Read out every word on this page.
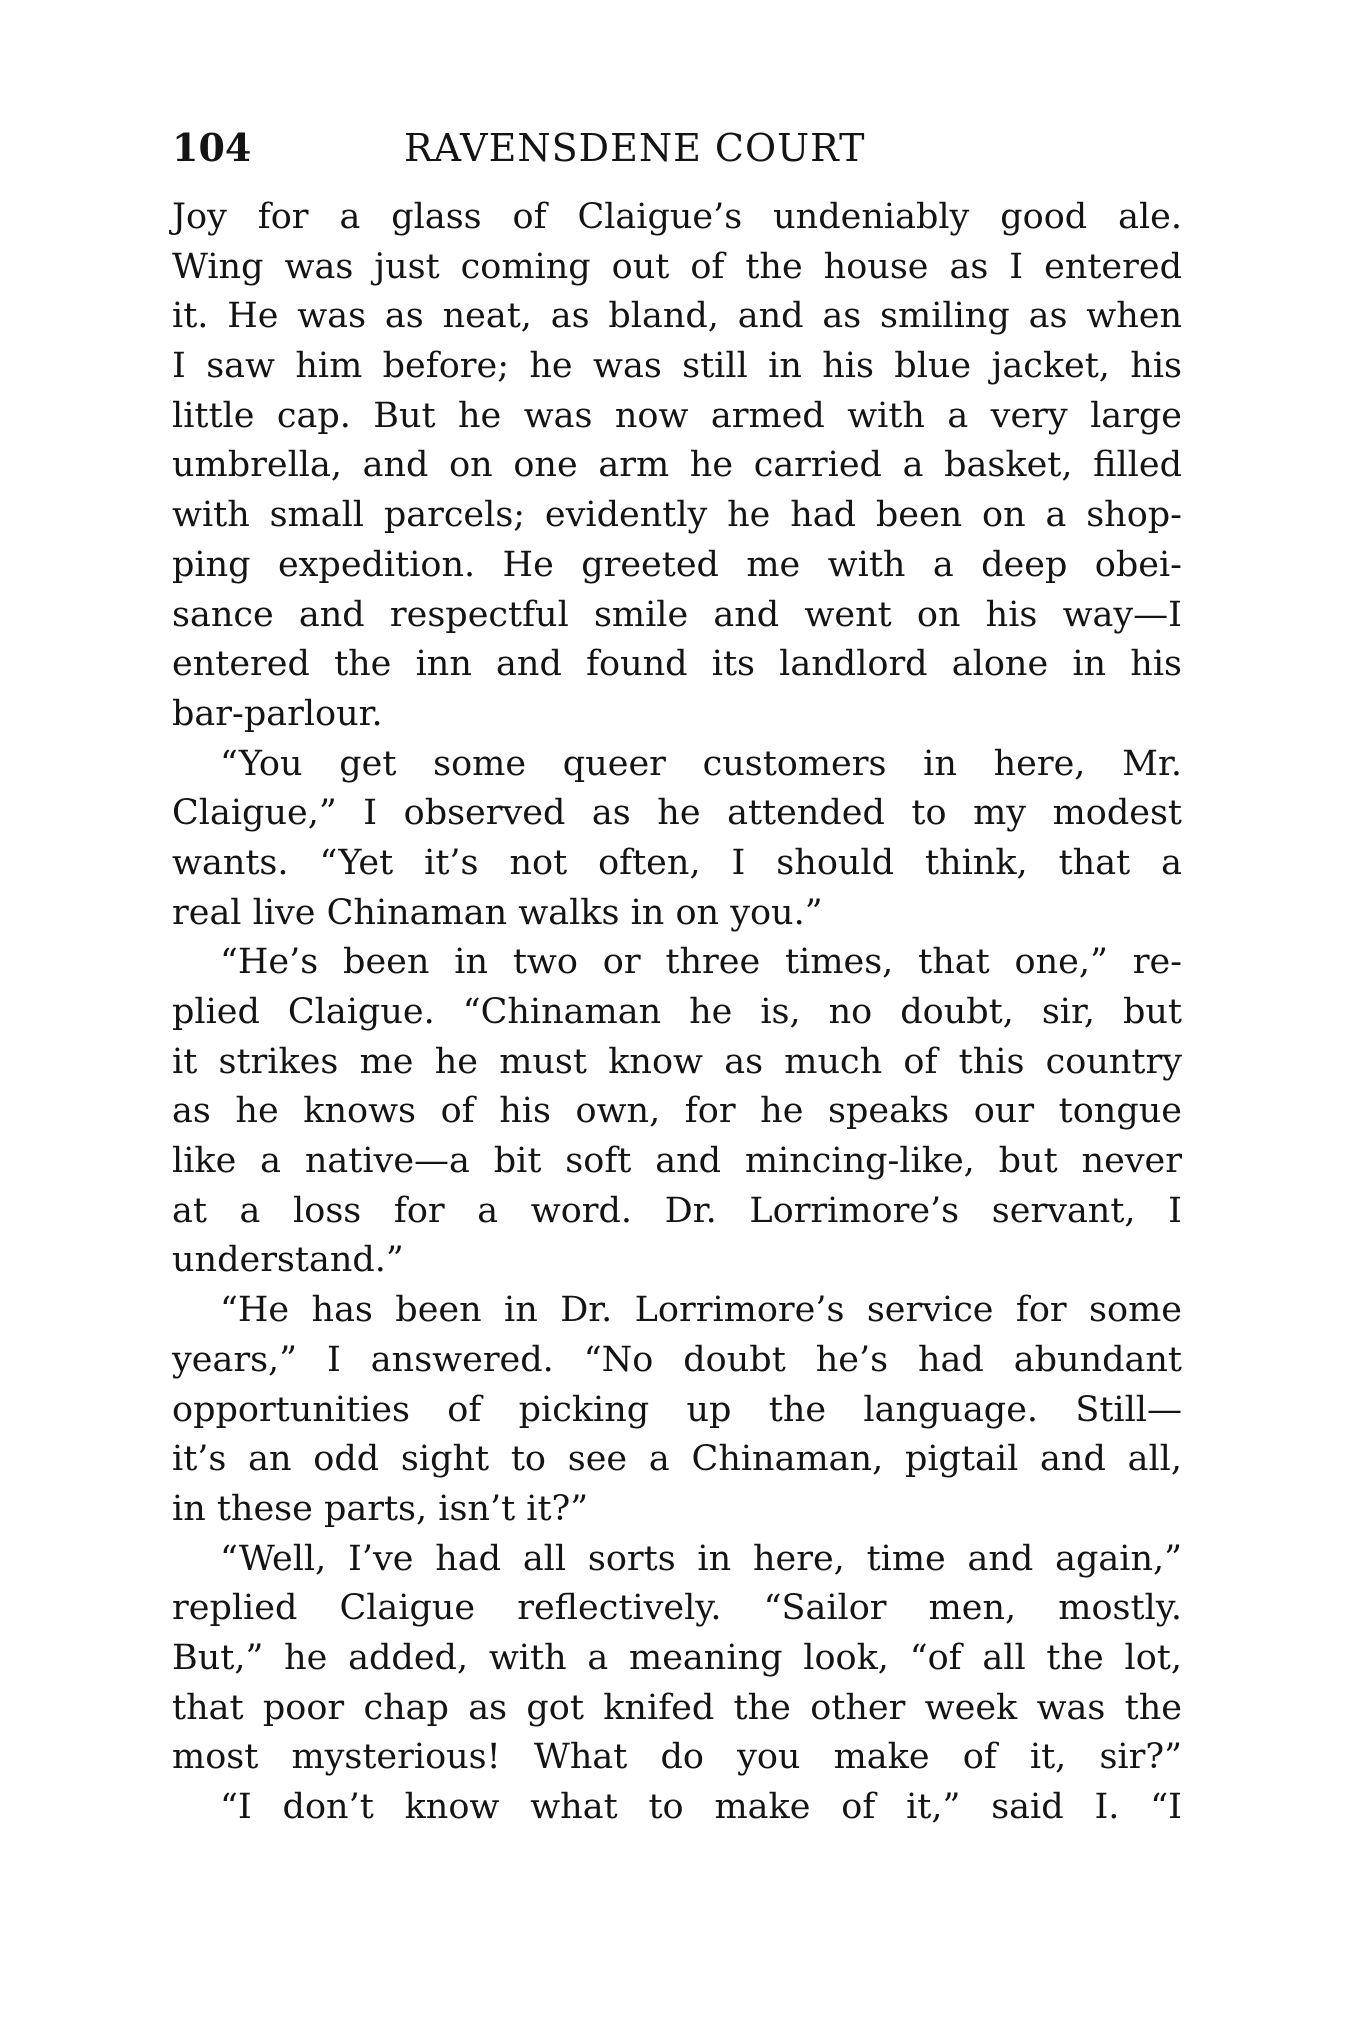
104	RAVENSDENE COURT
Joy for a glass of Claigue’s undeniably good ale.
Wing was just coming out of the house as I entered
it. He was as neat, as bland, and as smiling as when
I saw him before; he was still in his blue jacket, his
little cap. But he was now armed with a very large
umbrella, and on one arm he carried a basket, filled
with small parcels; evidently he had been on a shop-
ping expedition. He greeted me with a deep obei-
sance and respectful smile and went on his way—I
entered the inn and found its landlord alone in his
bar-parlour.
“You get some queer customers in here, Mr.
Claigue,” I observed as he attended to my modest
wants. “Yet it’s not often, I should think, that a
real live Chinaman walks in on you.”
“He’s been in two or three times, that one,” re-
plied Claigue. “Chinaman he is, no doubt, sir, but
it strikes me he must know as much of this country
as he knows of his own, for he speaks our tongue
like a native—a bit soft and mincing-like, but never
at a loss for a word. Dr. Lorrimore’s servant, I
understand.”
“He has been in Dr. Lorrimore’s service for some
years,” I answered. “No doubt he’s had abundant
opportunities of picking up the language. Still—
it’s an odd sight to see a Chinaman, pigtail and all,
in these parts, isn’t it?”
“Well, I’ve had all sorts in here, time and again,”
replied Claigue reflectively. “Sailor men, mostly.
But,” he added, with a meaning look, “of all the lot,
that poor chap as got knifed the other week was the
most mysterious! What do you make of it, sir?”
“I don’t know what to make of it,” said I. “I
